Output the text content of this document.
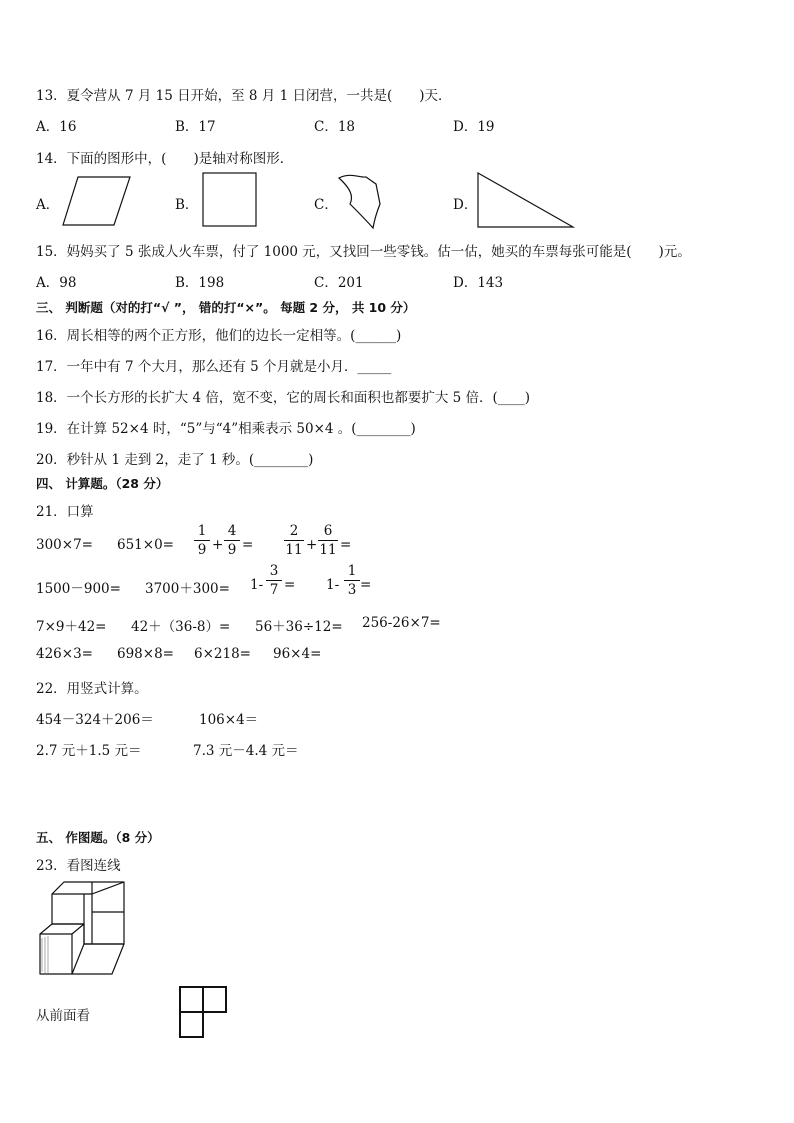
13．夏令营从 7 月 15 日开始，至 8 月 1 日闭营，一共是(　　)天．
A．16	B．17	C．18	D．19
14．下面的图形中，(　　)是轴对称图形．
A．	B．	C．	D．
15．妈妈买了 5 张成人火车票，付了 1000 元，又找回一些零钱。估一估，她买的车票每张可能是(　　)元。
A．98	B．198	C．201	D．143
三、 判断题（对的打“√ ”， 错的打“×”。 每题 2 分， 共 10 分）
16．周长相等的两个正方形，他们的边长一定相等。(______)
17．一年中有 7 个大月，那么还有 5 个月就是小月．_____
18．一个长方形的长扩大 4 倍，宽不变，它的周长和面积也都要扩大 5 倍．(____)
19．在计算 52×4 时，“5”与“4”相乘表示 50×4 。(________)
20．秒针从 1 走到 2，走了 1 秒。(________)
四、 计算题。（28 分）
21．口算
300×7= 651×0=
1
9 +
4
9 =
2
11 +
6
11 =
1500－900= 3700＋300= 1-
3
7 = 1-
1
3 =
7×9＋42= 42＋（36-8）= 56＋36÷12= 256-26×7=
426×3= 698×8= 6×218= 96×4=
22．用竖式计算。
454－324＋206＝	106×4＝
2.7 元＋1.5 元＝	7.3 元－4.4 元＝
五、 作图题。（8 分）
23．看图连线
从前面看
